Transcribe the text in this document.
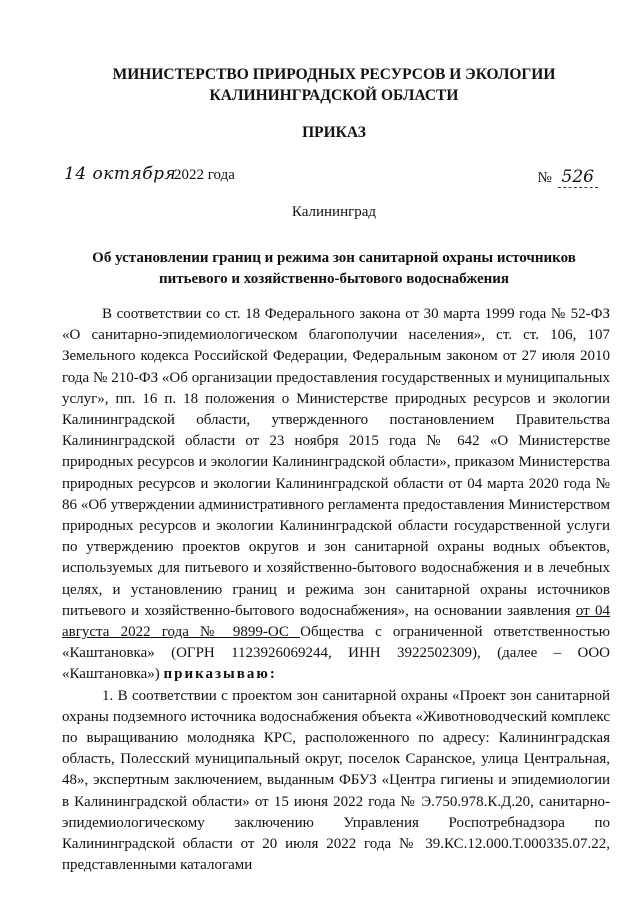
МИНИСТЕРСТВО ПРИРОДНЫХ РЕСУРСОВ И ЭКОЛОГИИ
КАЛИНИНГРАДСКОЙ ОБЛАСТИ
ПРИКАЗ
14 октября
2022 года	№ 526
Калининград
Об установлении границ и режима зон санитарной охраны источников питьевого и хозяйственно-бытового водоснабжения

В соответствии со ст. 18 Федерального закона от 30 марта 1999 года № 52-ФЗ «О санитарно-эпидемиологическом благополучии населения», ст. ст. 106, 107 Земельного кодекса Российской Федерации, Федеральным законом от 27 июля 2010 года № 210-ФЗ «Об организации предоставления государственных и муниципальных услуг», пп. 16 п. 18 положения о Министерстве природных ресурсов и экологии Калининградской области, утвержденного постановлением Правительства Калининградской области от 23 ноября 2015 года № 642 «О Министерстве природных ресурсов и экологии Калининградской области», приказом Министерства природных ресурсов и экологии Калининградской области от 04 марта 2020 года № 86 «Об утверждении административного регламента предоставления Министерством природных ресурсов и экологии Калининградской области государственной услуги по утверждению проектов округов и зон санитарной охраны водных объектов, используемых для питьевого и хозяйственно-бытового водоснабжения и в лечебных целях, и установлению границ и режима зон санитарной охраны источников питьевого и хозяйственно-бытового водоснабжения», на основании заявления от 04 августа 2022 года № 9899-ОС Общества с ограниченной ответственностью «Каштановка» (ОГРН 1123926069244, ИНН 3922502309), (далее – ООО «Каштановка») приказываю:

1. В соответствии с проектом зон санитарной охраны «Проект зон санитарной охраны подземного источника водоснабжения объекта «Животноводческий комплекс по выращиванию молодняка КРС, расположенного по адресу: Калининградская область, Полесский муниципальный округ, поселок Саранское, улица Центральная, 48», экспертным заключением, выданным ФБУЗ «Центра гигиены и эпидемиологии в Калининградской области» от 15 июня 2022 года № Э.750.978.К.Д.20, санитарно-эпидемиологическому заключению Управления Роспотребнадзора по Калининградской области от 20 июля 2022 года № 39.КС.12.000.Т.000335.07.22, представленными каталогами
